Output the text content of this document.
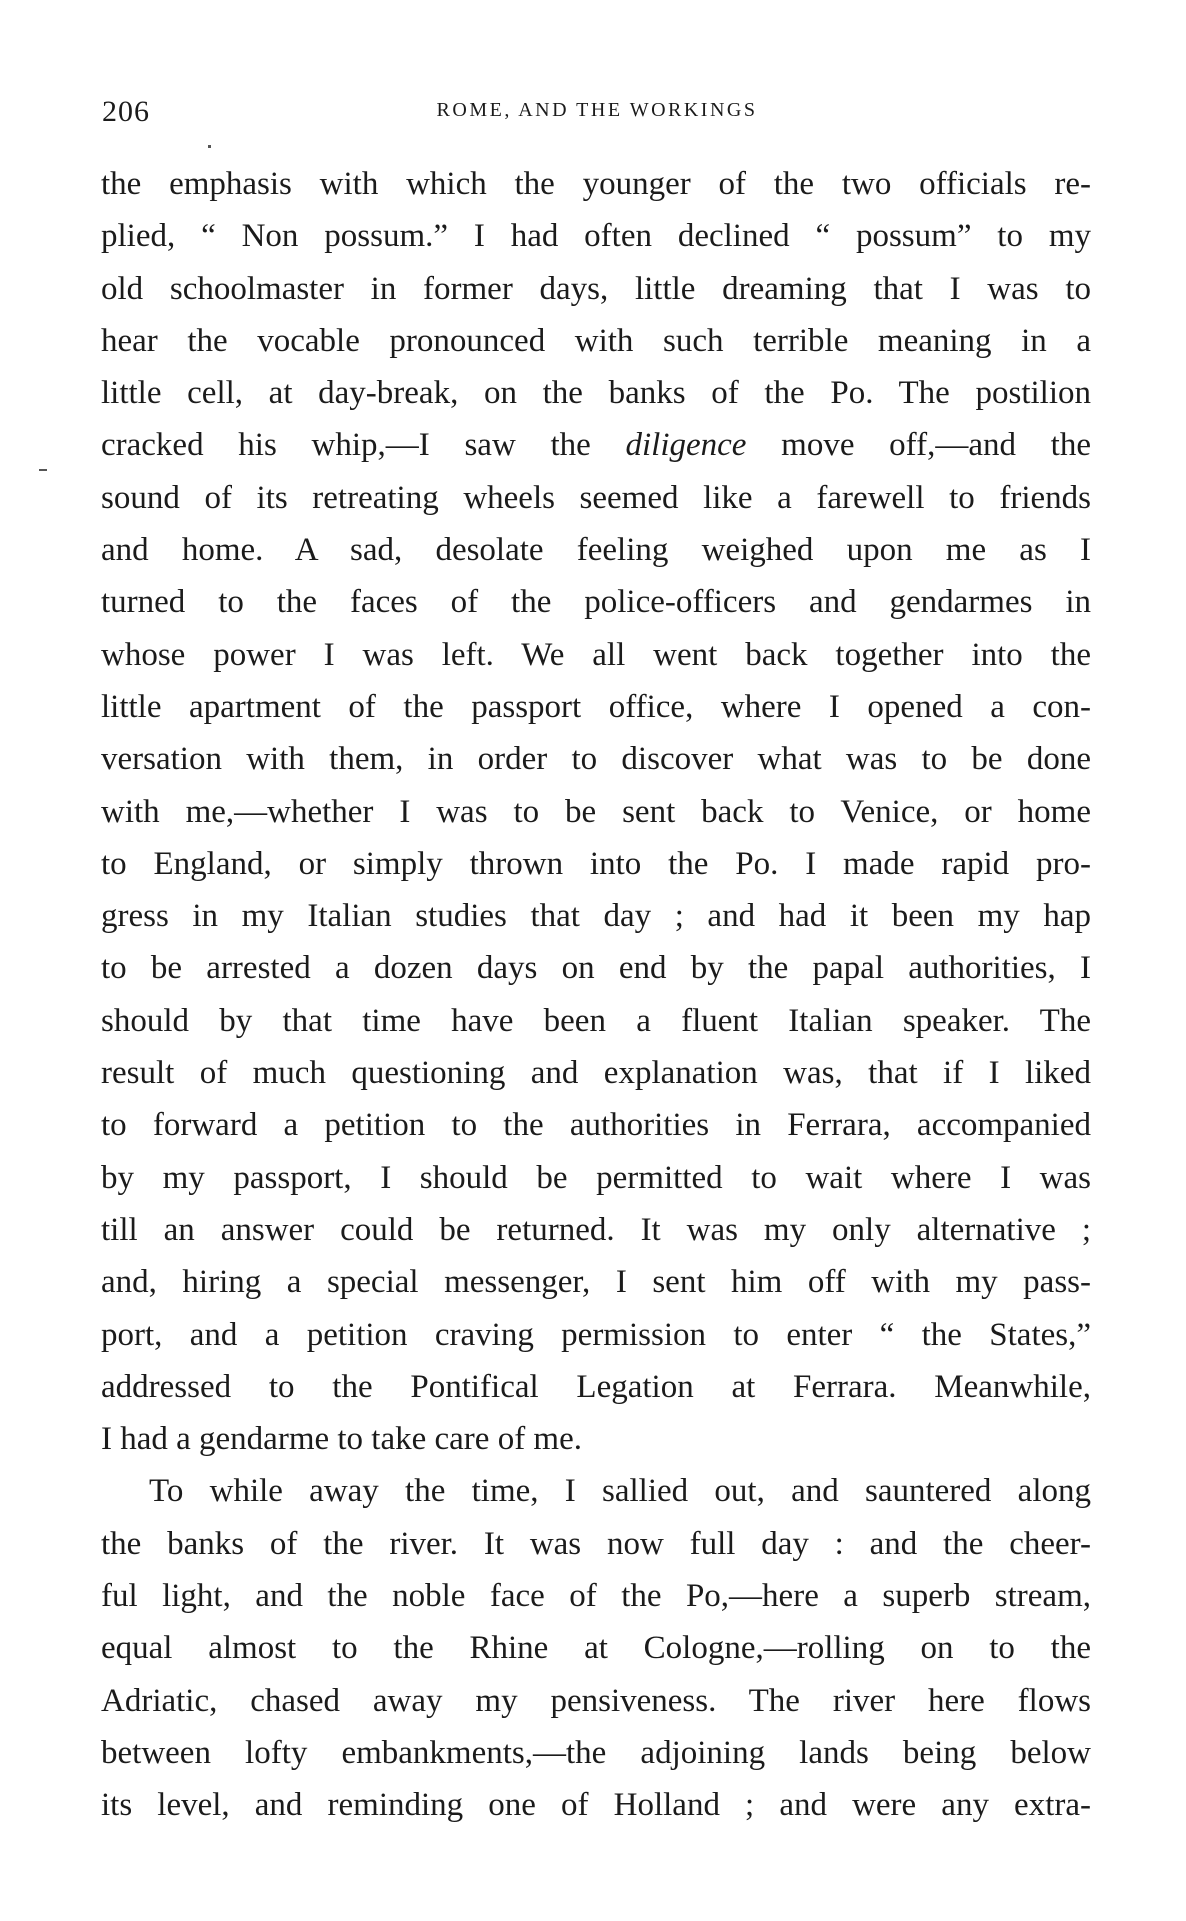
206	ROME, AND THE WORKINGS
the emphasis with which the younger of the two officials re-
plied, “ Non possum.” I had often declined “ possum” to my
old schoolmaster in former days, little dreaming that I was to
hear the vocable pronounced with such terrible meaning in a
little cell, at day-break, on the banks of the Po. The postilion
cracked his whip,—I saw the diligence move off,—and the
sound of its retreating wheels seemed like a farewell to friends
and home. A sad, desolate feeling weighed upon me as I
turned to the faces of the police-officers and gendarmes in
whose power I was left. We all went back together into the
little apartment of the passport office, where I opened a con-
versation with them, in order to discover what was to be done
with me,—whether I was to be sent back to Venice, or home
to England, or simply thrown into the Po. I made rapid pro-
gress in my Italian studies that day ; and had it been my hap
to be arrested a dozen days on end by the papal authorities, I
should by that time have been a fluent Italian speaker. The
result of much questioning and explanation was, that if I liked
to forward a petition to the authorities in Ferrara, accompanied
by my passport, I should be permitted to wait where I was
till an answer could be returned. It was my only alternative ;
and, hiring a special messenger, I sent him off with my pass-
port, and a petition craving permission to enter “ the States,”
addressed to the Pontifical Legation at Ferrara. Meanwhile,
I had a gendarme to take care of me.
To while away the time, I sallied out, and sauntered along
the banks of the river. It was now full day : and the cheer-
ful light, and the noble face of the Po,—here a superb stream,
equal almost to the Rhine at Cologne,—rolling on to the
Adriatic, chased away my pensiveness. The river here flows
between lofty embankments,—the adjoining lands being below
its level, and reminding one of Holland ; and were any extra-
